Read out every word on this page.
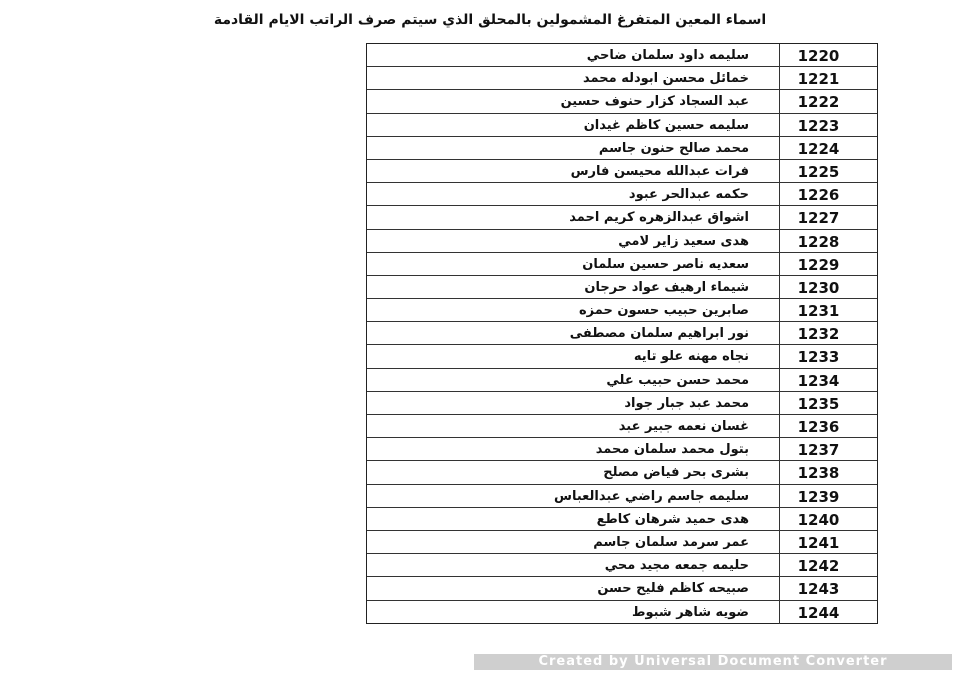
اسماء المعين المتفرغ المشمولين بالمحلق الذي سيتم صرف الراتب الايام القادمة
سليمه داود سلمان ضاحي	1220
خمائل محسن ابودله محمد	1221
عبد السجاد كزار حنوف حسين	1222
سليمه حسين كاظم غيدان	1223
محمد صالح حنون جاسم	1224
فرات عبدالله محيسن فارس	1225
حكمه عبدالحر عبود	1226
اشواق عبدالزهره كريم احمد	1227
هدى سعيد زاير لامي	1228
سعديه ناصر حسين سلمان	1229
شيماء ارهيف عواد حرجان	1230
صابرين حبيب حسون حمزه	1231
نور ابراهيم سلمان مصطفى	1232
نجاه مهنه علو تايه	1233
محمد حسن حبيب علي	1234
محمد عبد جبار جواد	1235
غسان نعمه جبير عبد	1236
بتول محمد سلمان محمد	1237
بشرى بحر فياض مصلح	1238
سليمه جاسم راضي عبدالعباس	1239
هدى حميد شرهان كاطع	1240
عمر سرمد سلمان جاسم	1241
حليمه جمعه مجيد محي	1242
صبيحه كاظم فليح حسن	1243
ضويه شاهر شبوط	1244
Created by Universal Document Converter
